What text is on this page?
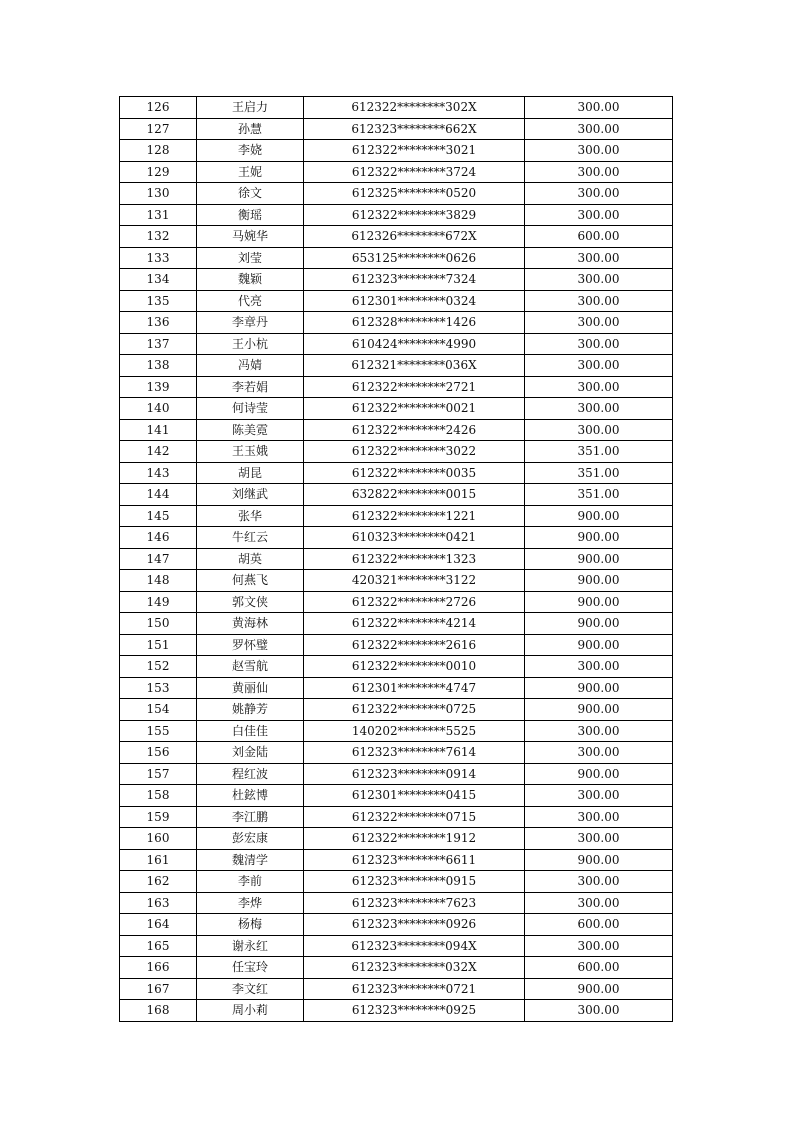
126	王启力	612322********302X	300.00
127	孙慧	612323********662X	300.00
128	李娆	612322********3021	300.00
129	王妮	612322********3724	300.00
130	徐文	612325********0520	300.00
131	衡瑶	612322********3829	300.00
132	马婉华	612326********672X	600.00
133	刘莹	653125********0626	300.00
134	魏颖	612323********7324	300.00
135	代亮	612301********0324	300.00
136	李章丹	612328********1426	300.00
137	王小杭	610424********4990	300.00
138	冯婧	612321********036X	300.00
139	李若娟	612322********2721	300.00
140	何诗莹	612322********0021	300.00
141	陈美霓	612322********2426	300.00
142	王玉娥	612322********3022	351.00
143	胡昆	612322********0035	351.00
144	刘继武	632822********0015	351.00
145	张华	612322********1221	900.00
146	牛红云	610323********0421	900.00
147	胡英	612322********1323	900.00
148	何燕飞	420321********3122	900.00
149	郭文侠	612322********2726	900.00
150	黄海林	612322********4214	900.00
151	罗怀璧	612322********2616	900.00
152	赵雪航	612322********0010	300.00
153	黄丽仙	612301********4747	900.00
154	姚静芳	612322********0725	900.00
155	白佳佳	140202********5525	300.00
156	刘金陆	612323********7614	300.00
157	程红波	612323********0914	900.00
158	杜鉉博	612301********0415	300.00
159	李江鹏	612322********0715	300.00
160	彭宏康	612322********1912	300.00
161	魏清学	612323********6611	900.00
162	李前	612323********0915	300.00
163	李烨	612323********7623	300.00
164	杨梅	612323********0926	600.00
165	谢永红	612323********094X	300.00
166	任宝玲	612323********032X	600.00
167	李文红	612323********0721	900.00
168	周小莉	612323********0925	300.00
